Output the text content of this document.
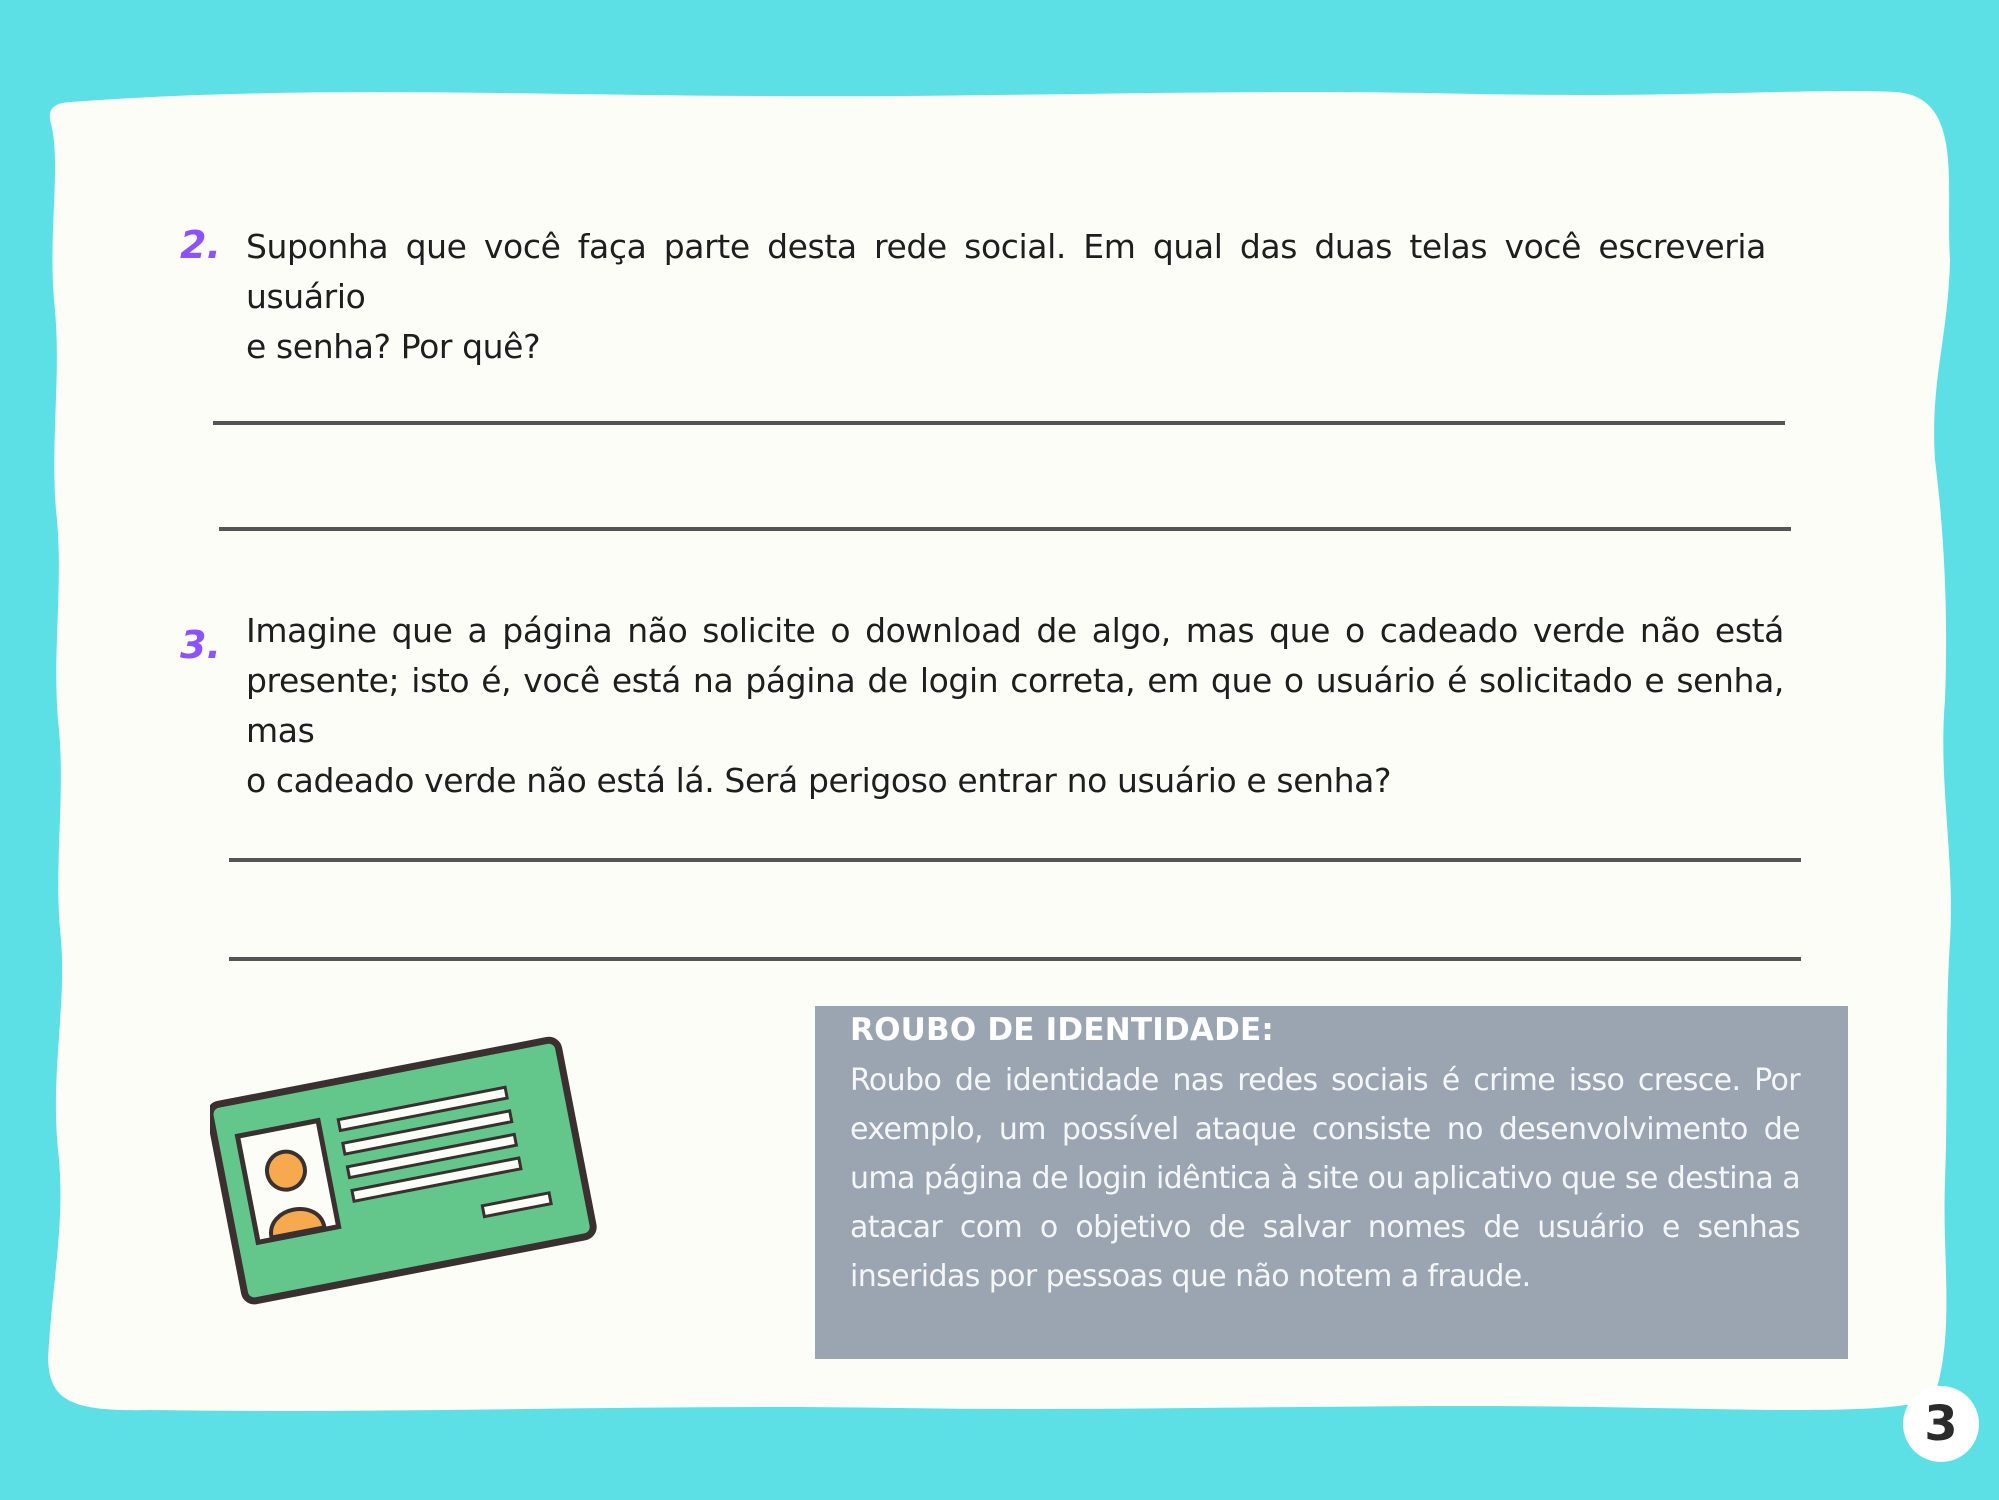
2. Suponha que você faça parte desta rede social. Em qual das duas telas você escreveria usuário
e senha? Por quê?
3. Imagine que a página não solicite o download de algo, mas que o cadeado verde não está
presente; isto é, você está na página de login correta, em que o usuário é solicitado e senha, mas
o cadeado verde não está lá. Será perigoso entrar no usuário e senha?
ROUBO DE IDENTIDADE:
Roubo de identidade nas redes sociais é crime isso cresce. Por exemplo, um possível ataque consiste no desenvolvimento de uma página de login idêntica à site ou aplicativo que se destina a atacar com o objetivo de salvar nomes de usuário e senhas inseridas por pessoas que não notem a fraude.
3
